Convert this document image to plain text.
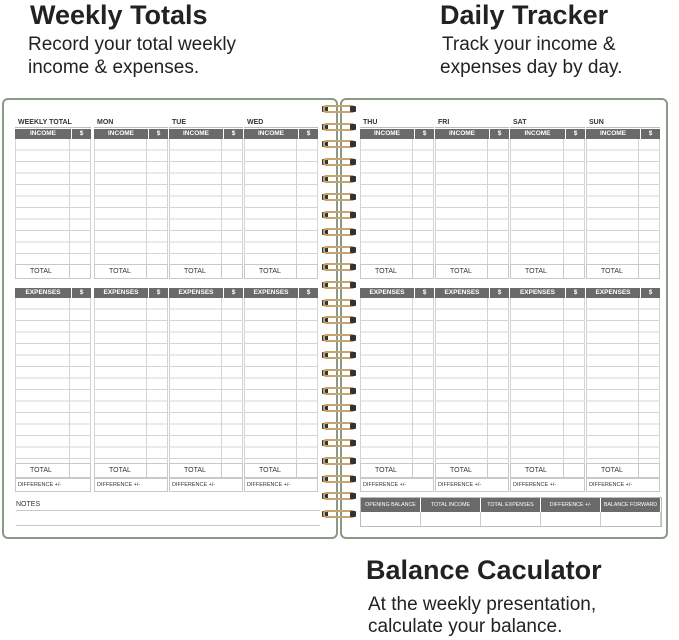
Weekly Totals
Record your total weekly
income & expenses.
Daily Tracker
Track your income &
expenses day by day.
Balance Caculator
At the weekly presentation,
calculate your balance.
WEEKLY TOTAL
INCOME	$
TOTAL
EXPENSES	$
TOTAL
DIFFERENCE +/-
MON
INCOME	$
TOTAL
EXPENSES	$
TOTAL
DIFFERENCE +/-
TUE
INCOME	$
TOTAL
EXPENSES	$
TOTAL
DIFFERENCE +/-
WED
INCOME	$
TOTAL
EXPENSES	$
TOTAL
DIFFERENCE +/-
NOTES
THU
INCOME	$
TOTAL
EXPENSES	$
TOTAL
DIFFERENCE +/-
FRI
INCOME	$
TOTAL
EXPENSES	$
TOTAL
DIFFERENCE +/-
SAT
INCOME	$
TOTAL
EXPENSES	$
TOTAL
DIFFERENCE +/-
SUN
INCOME	$
TOTAL
EXPENSES	$
TOTAL
DIFFERENCE +/-
OPENING BALANCE	TOTAL INCOME	TOTAL EXPENSES	DIFFERENCE +/-	BALANCE FORWARD
